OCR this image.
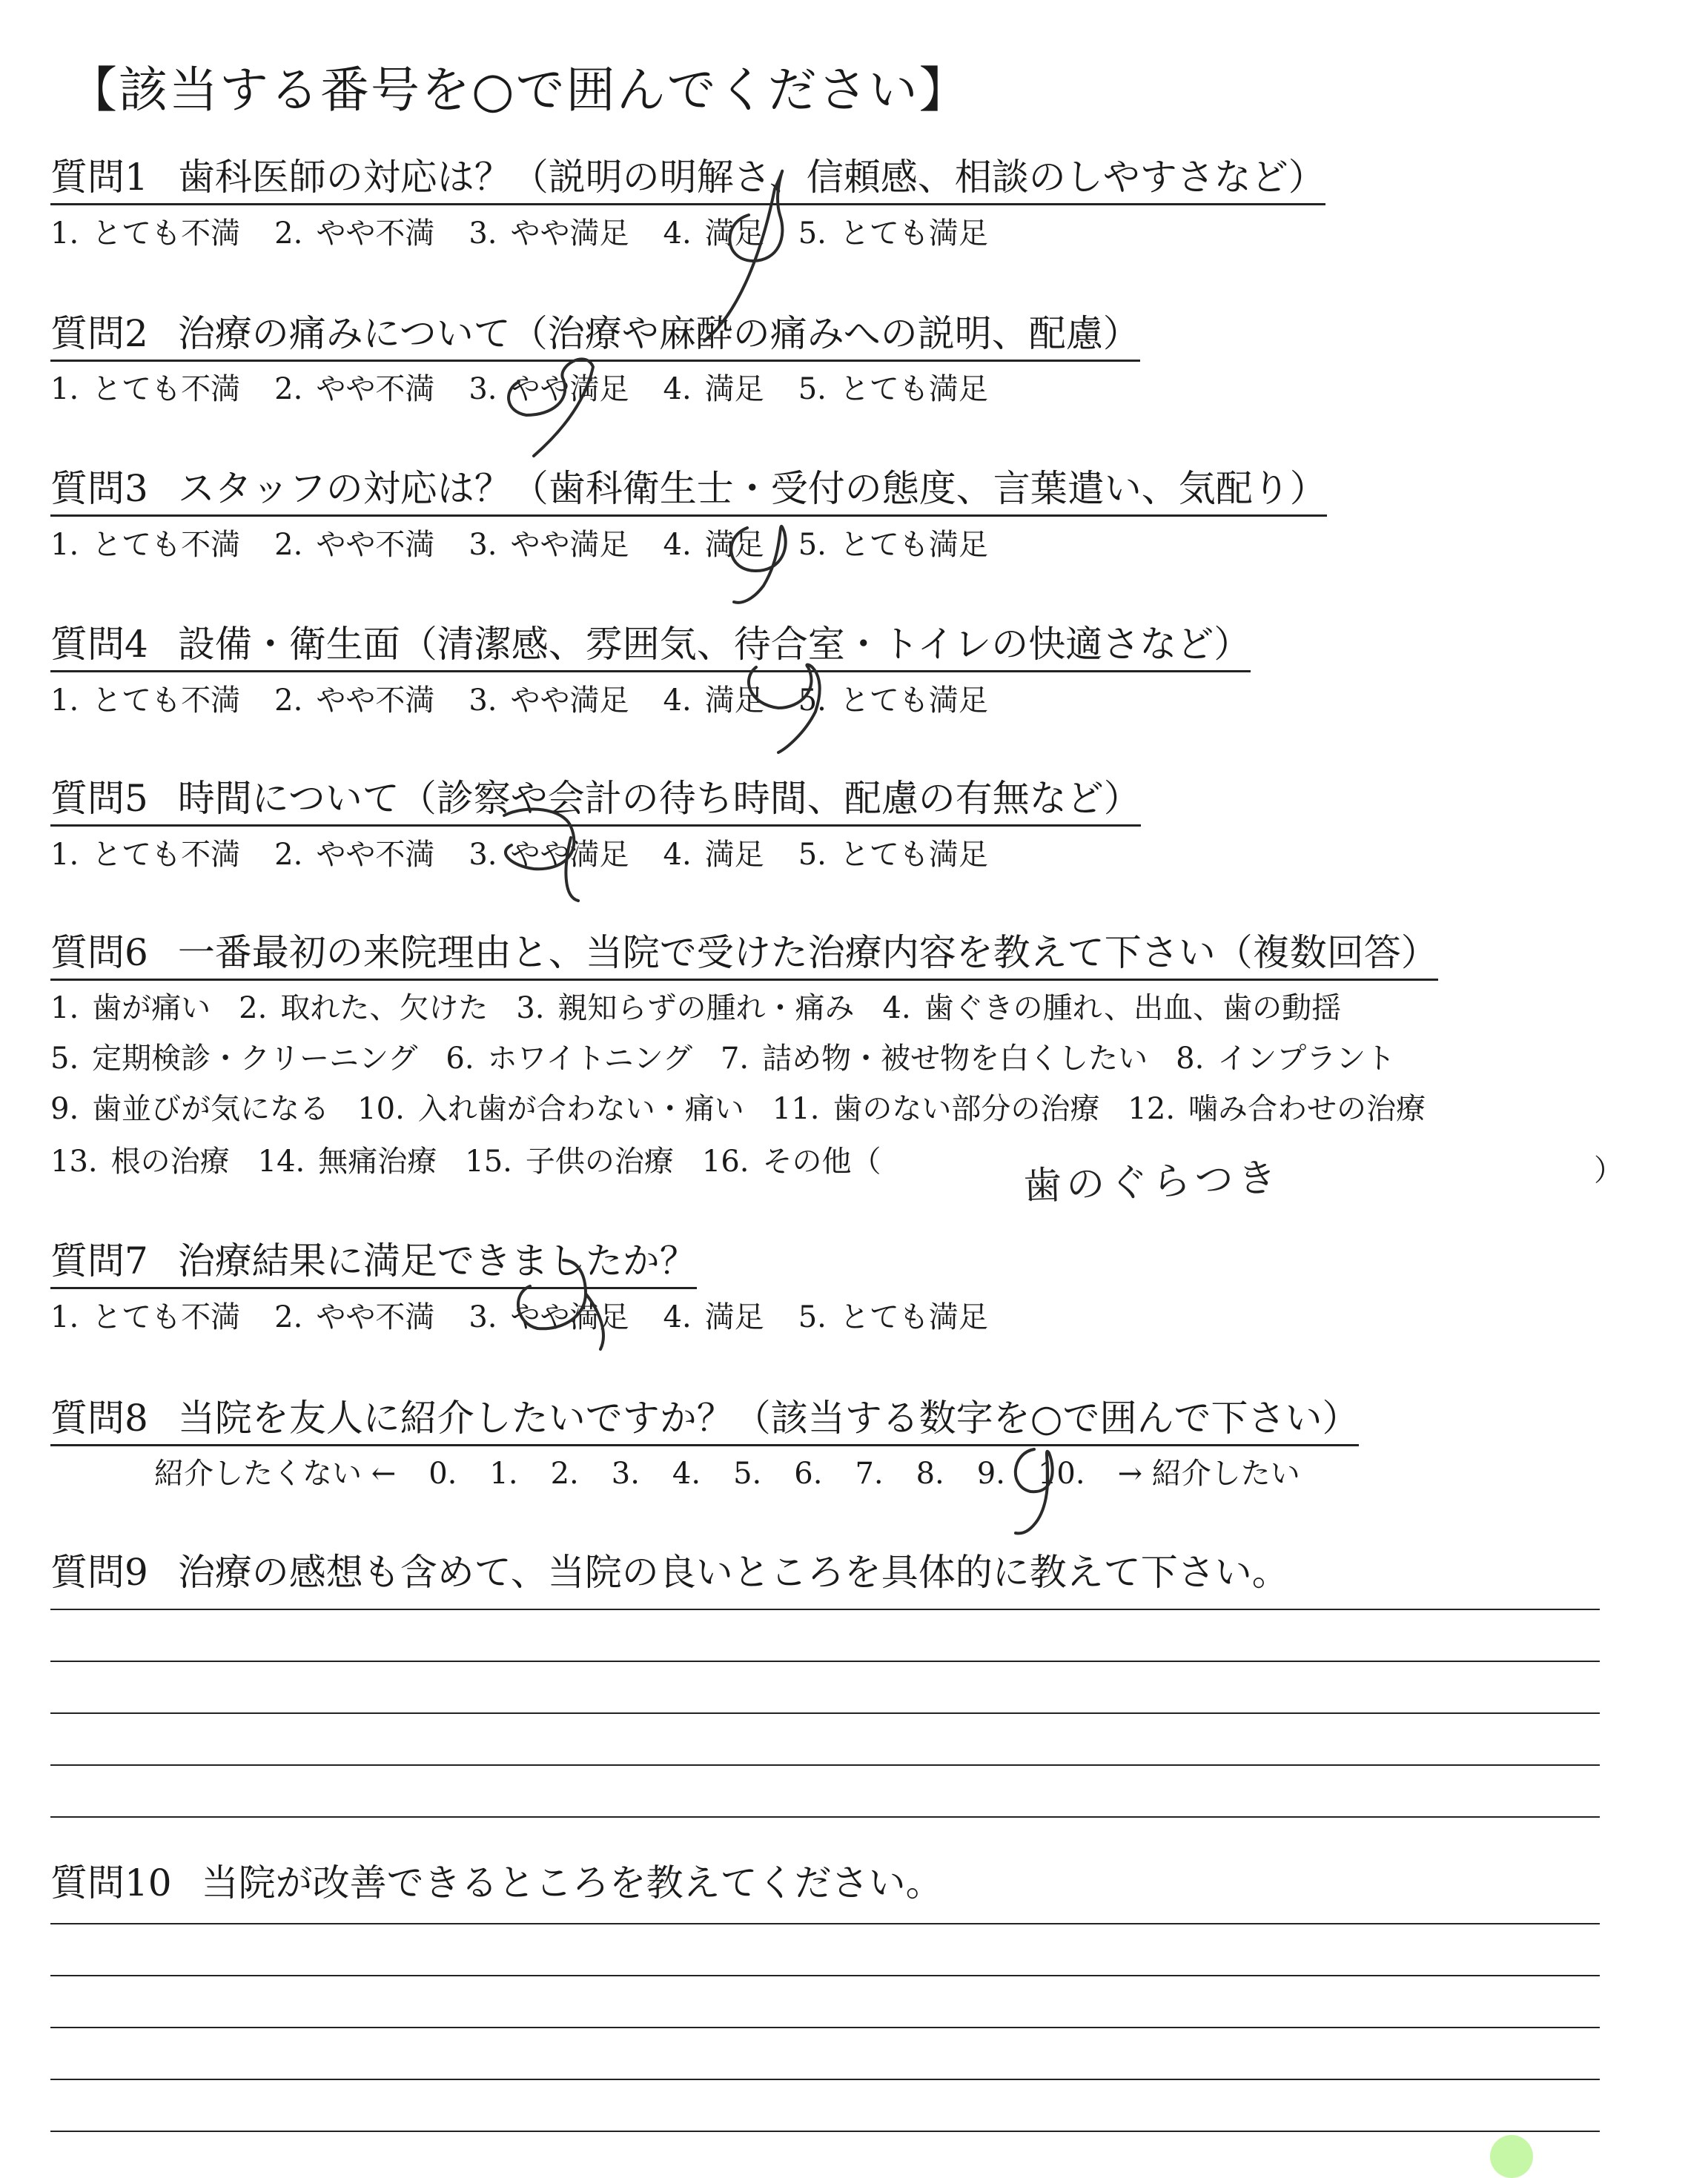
【該当する番号を○で囲んでください】
質問1 歯科医師の対応は？（説明の明解さ、信頼感、相談のしやすさなど）
1. とても不満 2. やや不満 3. やや満足 4. 満足 5. とても満足
質問2 治療の痛みについて（治療や麻酔の痛みへの説明、配慮）
1. とても不満 2. やや不満 3. やや満足 4. 満足 5. とても満足
質問3 スタッフの対応は？（歯科衛生士・受付の態度、言葉遣い、気配り）
1. とても不満 2. やや不満 3. やや満足 4. 満足 5. とても満足
質問4 設備・衛生面（清潔感、雰囲気、待合室・トイレの快適さなど）
1. とても不満 2. やや不満 3. やや満足 4. 満足 5. とても満足
質問5 時間について（診察や会計の待ち時間、配慮の有無など）
1. とても不満 2. やや不満 3. やや満足 4. 満足 5. とても満足
質問6 一番最初の来院理由と、当院で受けた治療内容を教えて下さい（複数回答）
1. 歯が痛い 2. 取れた、欠けた 3. 親知らずの腫れ・痛み 4. 歯ぐきの腫れ、出血、歯の動揺
5. 定期検診・クリーニング 6. ホワイトニング 7. 詰め物・被せ物を白くしたい 8. インプラント
9. 歯並びが気になる 10. 入れ歯が合わない・痛い 11. 歯のない部分の治療 12. 噛み合わせの治療
13. 根の治療 14. 無痛治療 15. 子供の治療 16. その他（	歯のぐらつき	）
質問7 治療結果に満足できましたか？
1. とても不満 2. やや不満 3. やや満足 4. 満足 5. とても満足
質問8 当院を友人に紹介したいですか？（該当する数字を○で囲んで下さい）
紹介したくない ← 0. 1. 2. 3. 4. 5. 6. 7. 8. 9. 10. → 紹介したい
質問9 治療の感想も含めて、当院の良いところを具体的に教えて下さい。
質問10 当院が改善できるところを教えてください。
